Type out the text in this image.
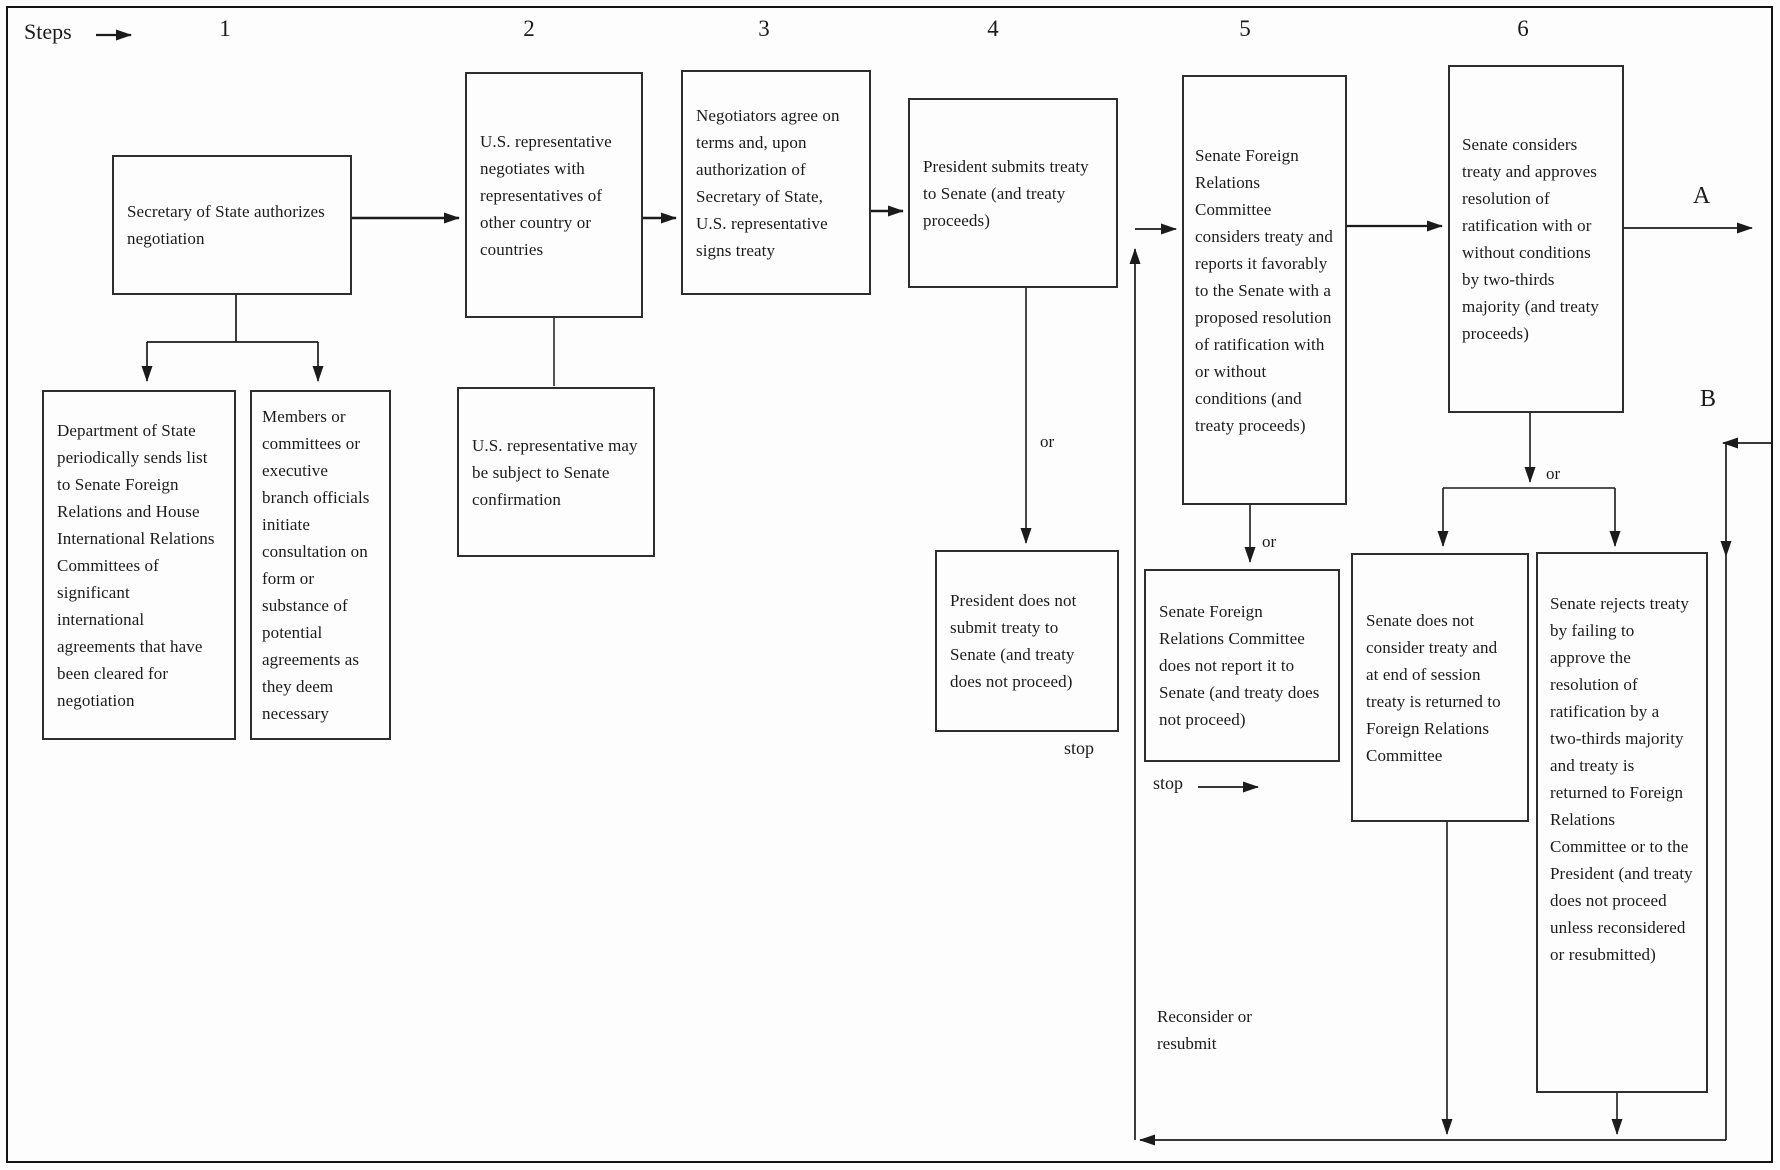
Steps	1	2	3	4	5	6
Secretary of State authorizes negotiation
Department of State periodically sends list to Senate Foreign Relations and House International Relations Committees of significant international agreements that have been cleared for negotiation
Members or committees or executive branch officials initiate consultation on form or substance of potential agreements as they deem necessary
U.S. representative negotiates with representatives of other country or countries
U.S. representative may be subject to Senate confirmation
Negotiators agree on terms and, upon authorization of Secretary of State, U.S. representative signs treaty
President submits treaty to Senate (and treaty proceeds)
President does not submit treaty to Senate (and treaty does not proceed)
Senate Foreign Relations Committee considers treaty and reports it favorably to the Senate with a proposed resolution of ratification with or without conditions (and treaty proceeds)
Senate Foreign Relations Committee does not report it to Senate (and treaty does not proceed)
Senate considers treaty and approves resolution of ratification with or without conditions by two-thirds majority (and treaty proceeds)
Senate does not consider treaty and at end of session treaty is returned to Foreign Relations Committee
Senate rejects treaty by failing to approve the resolution of ratification by a two-thirds majority and treaty is returned to Foreign Relations Committee or to the President (and treaty does not proceed unless reconsidered or resubmitted)
or
or
or
stop
stop
Reconsider or resubmit
A
B
